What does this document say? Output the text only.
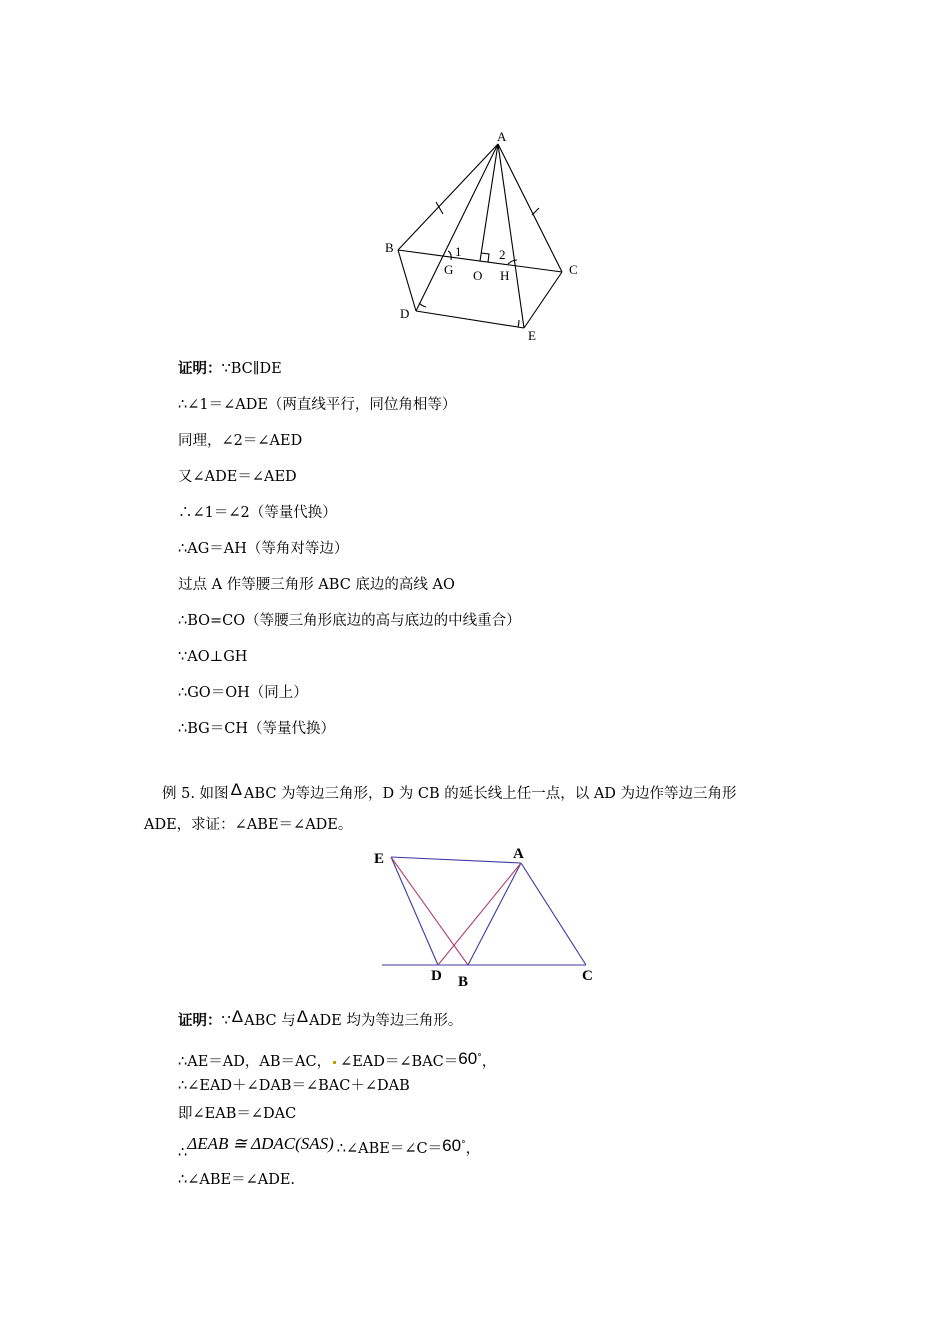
A
B
C
D
E
G O H
1	2
证明：∵BC∥DE
∴∠1＝∠ADE（两直线平行，同位角相等）
同理，∠2＝∠AED
又∠ADE＝∠AED
∴∠1＝∠2（等量代换）
∴AG＝AH（等角对等边）
过点 A 作等腰三角形 ABC 底边的高线 AO
∴BO=CO（等腰三角形底边的高与底边的中线重合）
∵AO⊥GH
∴GO＝OH（同上）
∴BG＝CH（等量代换）
例 5. 如图 Δ ABC 为等边三角形，D 为 CB 的延长线上任一点，以 AD 为边作等边三角形
ADE，求证：∠ABE＝∠ADE。
E	A
D B	C
证明：∵ΔABC 与ΔADE 均为等边三角形。
∴AE＝AD，AB＝AC， ∠EAD＝∠BAC＝60°，
∴∠EAD＋∠DAB＝∠BAC＋∠DAB
即∠EAB＝∠DAC
∴ΔEAB ≅ ΔDAC(SAS) ∴∠ABE＝∠C＝60°，
∴∠ABE＝∠ADE.
